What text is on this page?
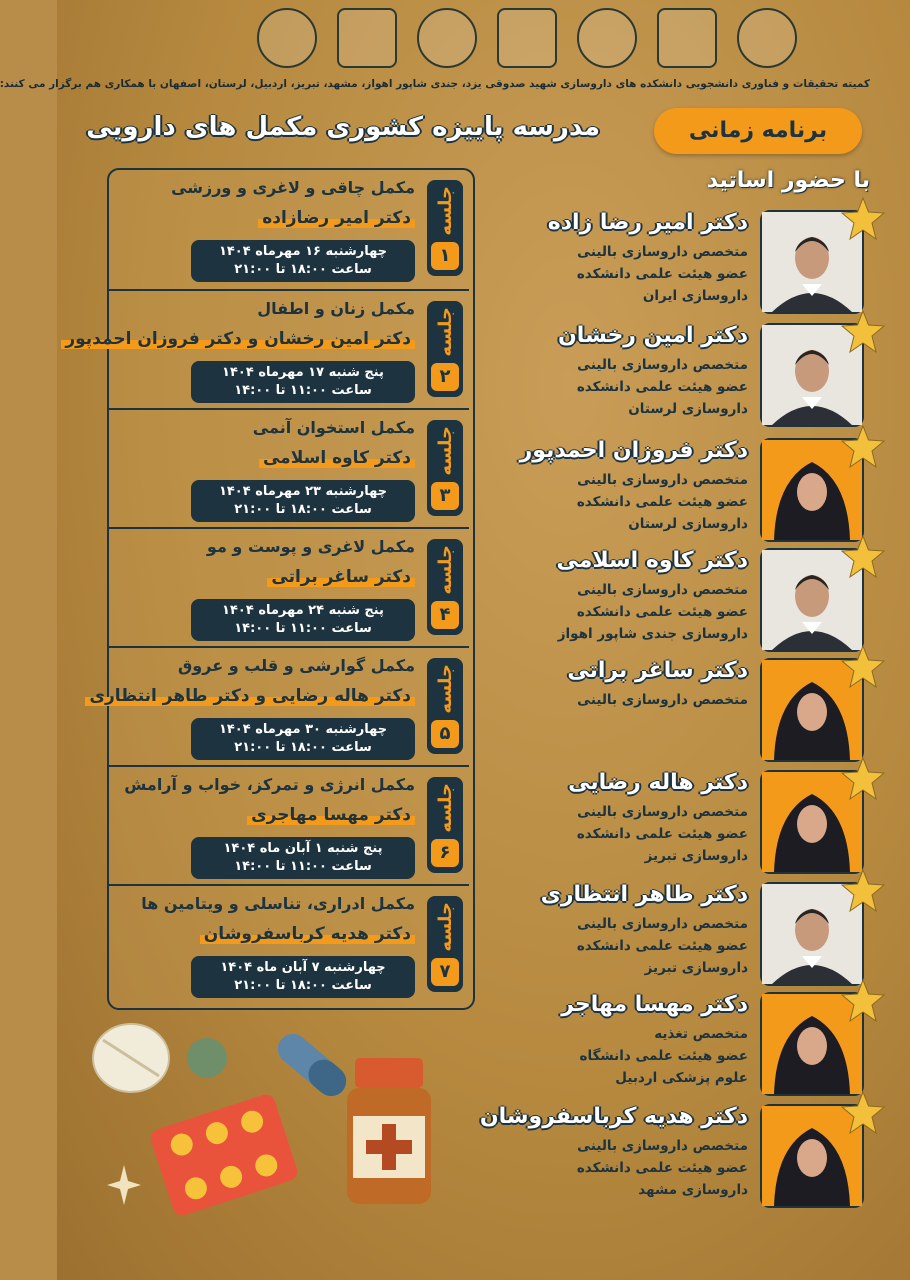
کمیته تحقیقات و فناوری دانشجویی دانشکده های داروسازی شهید صدوقی یزد، جندی شاپور اهواز، مشهد، تبریز، اردبیل، لرستان، اصفهان با همکاری هم برگزار می کنند:
مدرسه پاییزه کشوری مکمل های دارویی	برنامه زمانی
با حضور اساتید
جلسه
۱
مکمل چاقی و لاغری و ورزشی
دکتر امیر رضازاده
چهارشنبه ۱۶ مهرماه ۱۴۰۴
ساعت ۱۸:۰۰ تا ۲۱:۰۰
جلسه
۲
مکمل زنان و اطفال
دکتر امین رخشان و دکتر فروزان احمدپور
پنج شنبه ۱۷ مهرماه ۱۴۰۴
ساعت ۱۱:۰۰ تا ۱۴:۰۰
جلسه
۳
مکمل استخوان آنمی
دکتر کاوه اسلامی
چهارشنبه ۲۳ مهرماه ۱۴۰۴
ساعت ۱۸:۰۰ تا ۲۱:۰۰
جلسه
۴
مکمل لاغری و پوست و مو
دکتر ساغر براتی
پنج شنبه ۲۴ مهرماه ۱۴۰۴
ساعت ۱۱:۰۰ تا ۱۴:۰۰
جلسه
۵
مکمل گوارشی و قلب و عروق
دکتر هاله رضایی و دکتر طاهر انتظاری
چهارشنبه ۳۰ مهرماه ۱۴۰۴
ساعت ۱۸:۰۰ تا ۲۱:۰۰
جلسه
۶
مکمل انرژی و تمرکز، خواب و آرامش
دکتر مهسا مهاجری
پنج شنبه ۱ آبان ماه ۱۴۰۴
ساعت ۱۱:۰۰ تا ۱۴:۰۰
جلسه
۷
مکمل ادراری، تناسلی و ویتامین ها
دکتر هدیه کرباسفروشان
چهارشنبه ۷ آبان ماه ۱۴۰۴
ساعت ۱۸:۰۰ تا ۲۱:۰۰
دکتر امیر رضا زاده
متخصص داروسازی بالینی
عضو هیئت علمی دانشکده
داروسازی ایران
دکتر امین رخشان
متخصص داروسازی بالینی
عضو هیئت علمی دانشکده
داروسازی لرستان
دکتر فروزان احمدپور
متخصص داروسازی بالینی
عضو هیئت علمی دانشکده
داروسازی لرستان
دکتر کاوه اسلامی
متخصص داروسازی بالینی
عضو هیئت علمی دانشکده
داروسازی جندی شاپور اهواز
دکتر ساغر براتی
متخصص داروسازی بالینی
دکتر هاله رضایی
متخصص داروسازی بالینی
عضو هیئت علمی دانشکده
داروسازی تبریز
دکتر طاهر انتظاری
متخصص داروسازی بالینی
عضو هیئت علمی دانشکده
داروسازی تبریز
دکتر مهسا مهاجر
متخصص تغذیه
عضو هیئت علمی دانشگاه
علوم پزشکی اردبیل
دکتر هدیه کرباسفروشان
متخصص داروسازی بالینی
عضو هیئت علمی دانشکده
داروسازی مشهد
